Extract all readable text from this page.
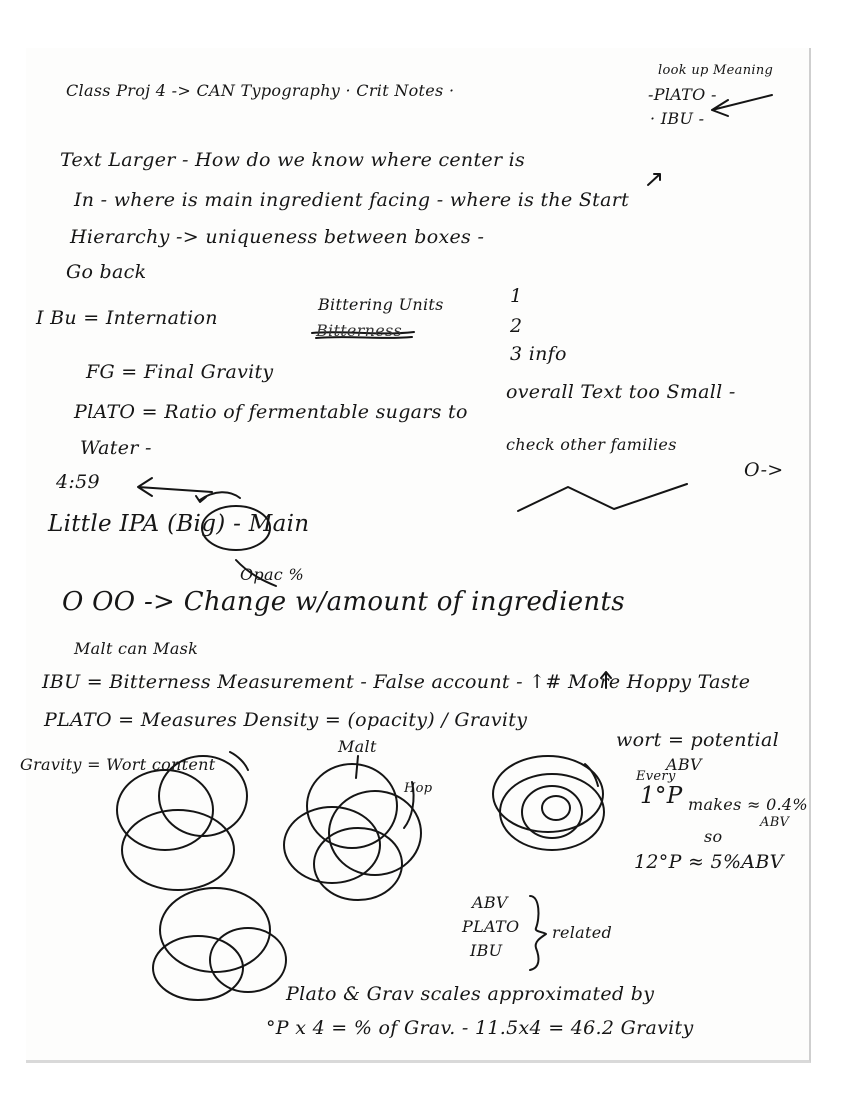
Class Proj 4 -> CAN Typography · Crit Notes ·
look up Meaning
-PlATO -
· IBU -
Text Larger - How do we know where center is
In - where is main ingredient facing - where is the Start
Hierarchy -> uniqueness between boxes -
Go back
I Bu = Internation
Bittering Units
Bitterness
FG = Final Gravity
PlATO = Ratio of fermentable sugars to
Water -	check other families
1
2
3 info
overall Text too Small -
O->
4:59
Little IPA (Big) - Main
Opac %
O OO -> Change w/amount of ingredients
Malt can Mask
IBU = Bitterness Measurement - False account - ↑# More Hoppy Taste
PLATO = Measures Density = (opacity) / Gravity
Gravity = Wort content
Malt
Hop
wort = potential
ABV
Every
1°P makes ≈ 0.4%
ABV
so
12°P ≈ 5%ABV
ABV
PLATO
IBU
related
Plato & Grav scales approximated by
°P x 4 = % of Grav. - 11.5x4 = 46.2 Gravity
